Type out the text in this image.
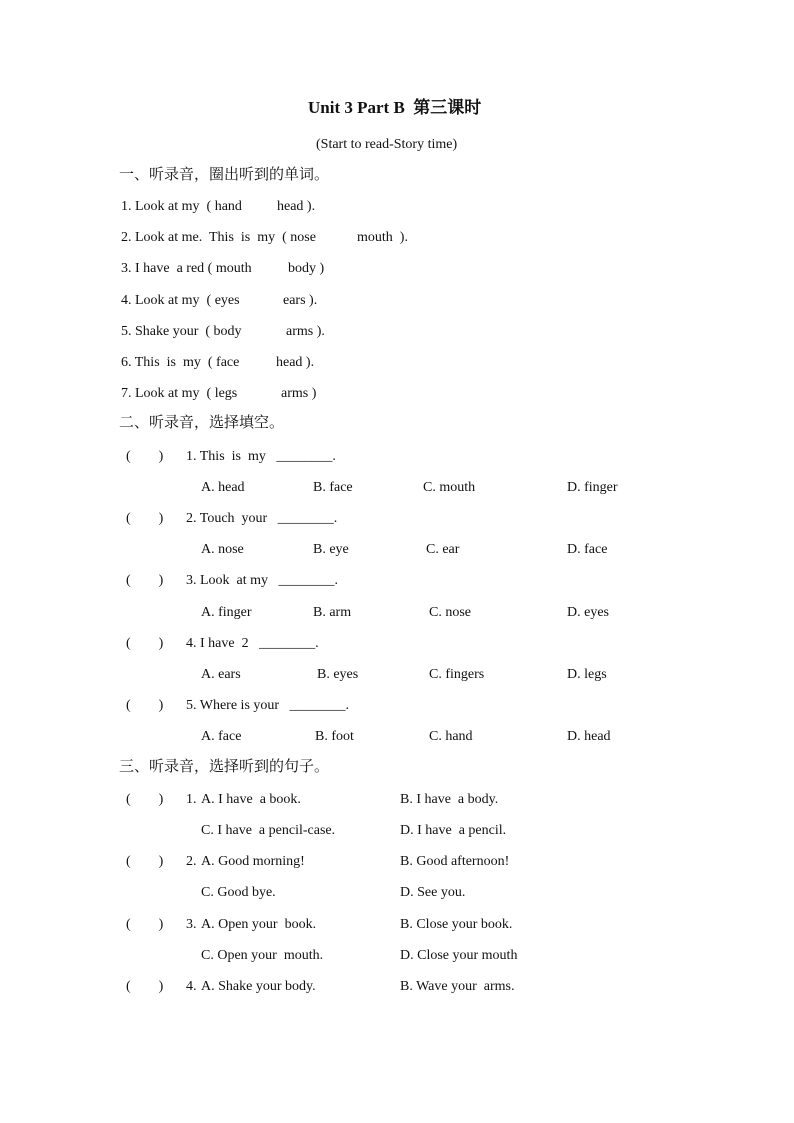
Unit 3 Part B  第三课时
(Start to read-Story time)
一、听录音，圈出听到的单词。
1. Look at my  ( hand	head ).
2. Look at me.  This  is  my  ( nose	mouth  ).
3. I have  a red ( mouth	body )
4. Look at my  ( eyes	ears ).
5. Shake your  ( body	arms ).
6. This  is  my  ( face	head ).
7. Look at my  ( legs	arms )
二、听录音，选择填空。
(        ) 1. This  is  my   ________.
A. head	B. face	C. mouth	D. finger
(        ) 2. Touch  your   ________.
A. nose	B. eye	C. ear	D. face
(        ) 3. Look  at my   ________.
A. finger	B. arm	C. nose	D. eyes
(        ) 4. I have  2   ________.
A. ears	B. eyes	C. fingers	D. legs
(        ) 5. Where is your   ________.
A. face	B. foot	C. hand	D. head
三、听录音，选择听到的句子。
(        ) 1. A. I have  a book.	B. I have  a body.
C. I have  a pencil-case.	D. I have  a pencil.
(        ) 2. A. Good morning!	B. Good afternoon!
C. Good bye.	D. See you.
(        ) 3. A. Open your  book.	B. Close your book.
C. Open your  mouth.	D. Close your mouth
(        ) 4. A. Shake your body.	B. Wave your  arms.
